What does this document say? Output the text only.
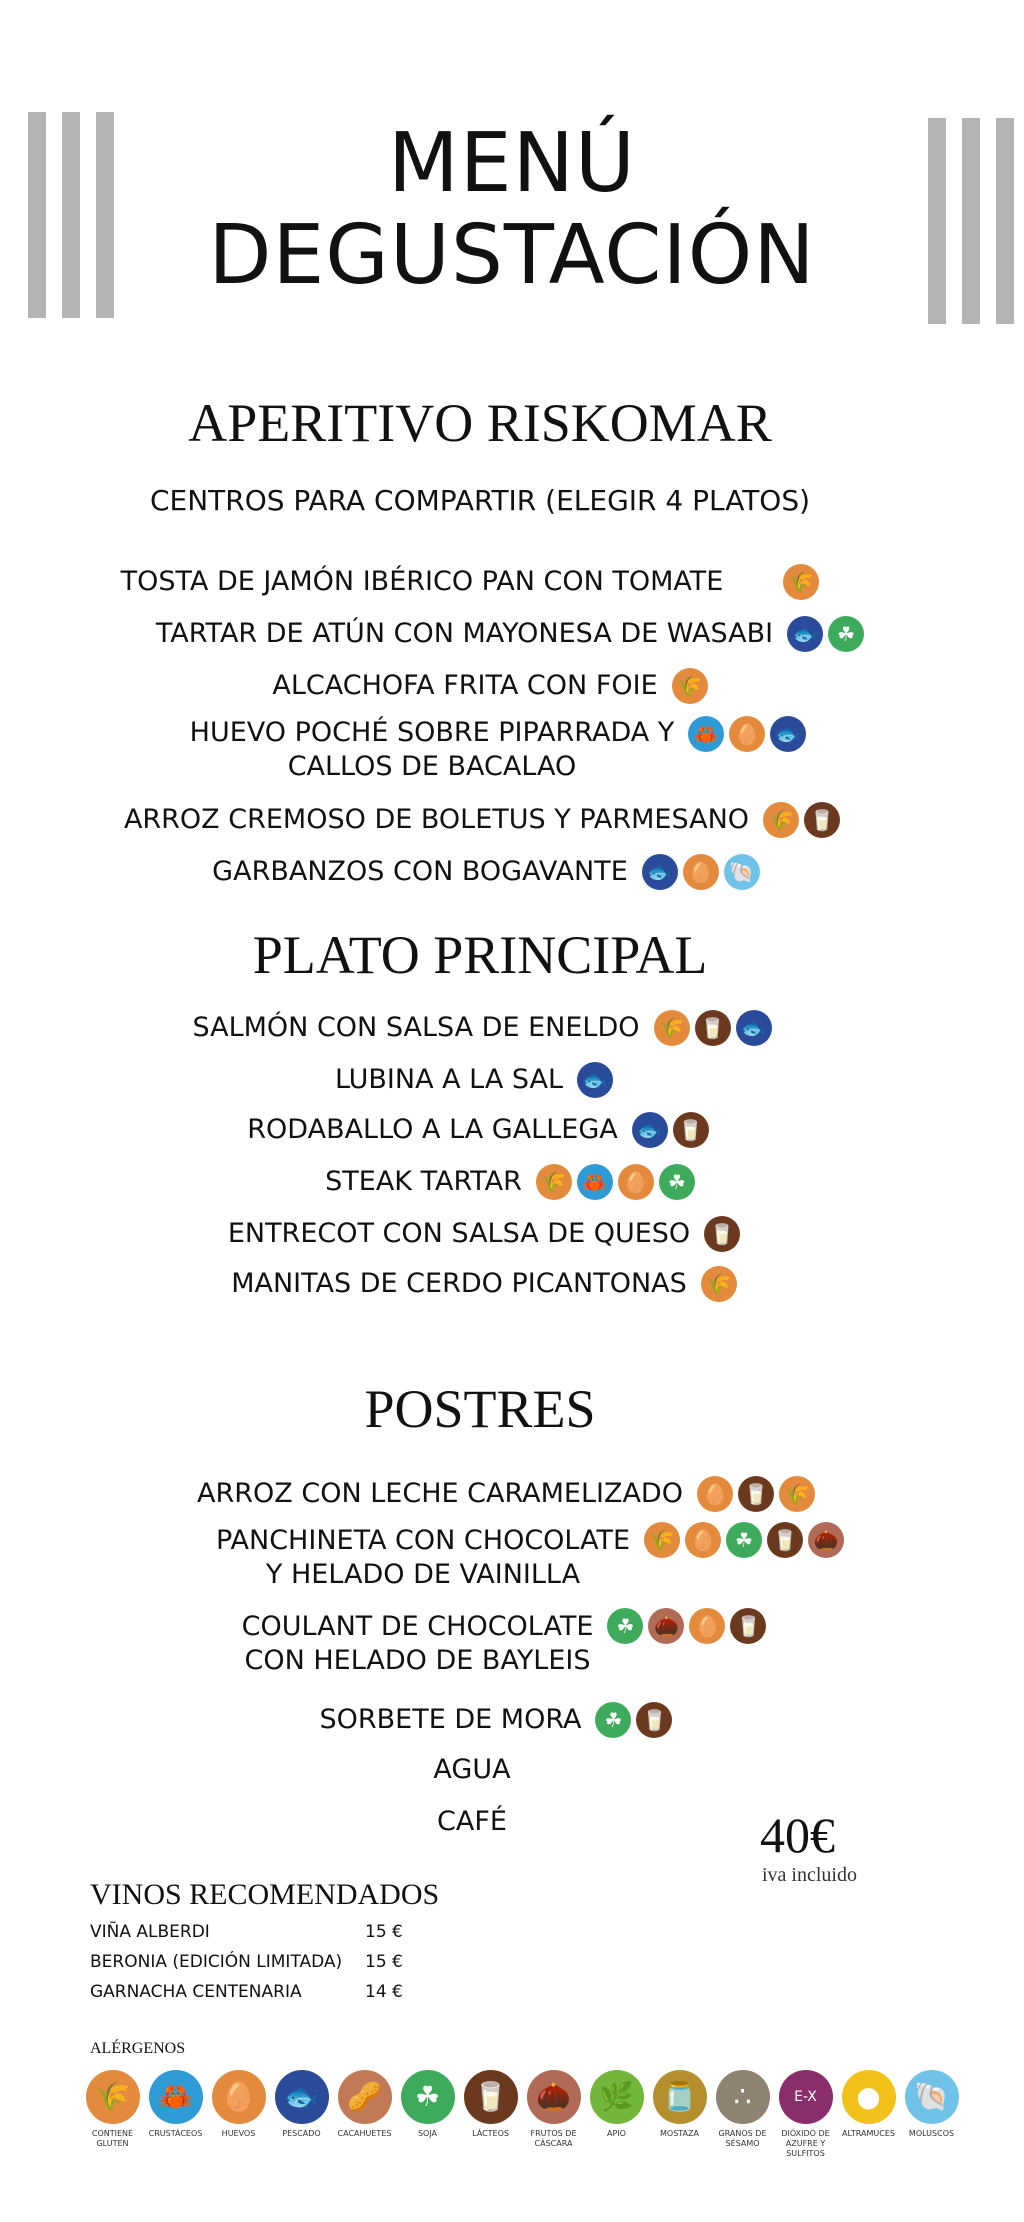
MENÚ
DEGUSTACIÓN
APERITIVO RISKOMAR
CENTROS PARA COMPARTIR (ELEGIR 4 PLATOS)
TOSTA DE JAMÓN IBÉRICO PAN CON TOMATE	🌾
TARTAR DE ATÚN CON MAYONESA DE WASABI 🐟 ☘
ALCACHOFA FRITA CON FOIE 🌾
HUEVO POCHÉ SOBRE PIPARRADA Y
CALLOS DE BACALAO
🦀 🥚 🐟
ARROZ CREMOSO DE BOLETUS Y PARMESANO 🌾 🥛
GARBANZOS CON BOGAVANTE 🐟 🥚 🐚
PLATO PRINCIPAL
SALMÓN CON SALSA DE ENELDO 🌾 🥛 🐟
LUBINA A LA SAL 🐟
RODABALLO A LA GALLEGA 🐟 🥛
STEAK TARTAR 🌾 🦀 🥚 ☘
ENTRECOT CON SALSA DE QUESO 🥛
MANITAS DE CERDO PICANTONAS 🌾
POSTRES
ARROZ CON LECHE CARAMELIZADO 🥚 🥛 🌾
PANCHINETA CON CHOCOLATE
Y HELADO DE VAINILLA
🌾 🥚 ☘ 🥛 🌰
COULANT DE CHOCOLATE
CON HELADO DE BAYLEIS
☘ 🌰 🥚 🥛
SORBETE DE MORA	☘ 🥛
AGUA
CAFÉ	40€
iva incluido
VINOS RECOMENDADOS
VIÑA ALBERDI	15 €
BERONIA (EDICIÓN LIMITADA)	15 €
GARNACHA CENTENARIA	14 €
ALÉRGENOS
🌾
CONTIENE GLUTEN
🦀
CRUSTÁCEOS
🥚
HUEVOS
🐟
PESCADO
🥜
CACAHUETES
☘
SOJA
🥛
LÁCTEOS
🌰
FRUTOS DE CÁSCARA
🌿
APIO
🫙
MOSTAZA
∴
GRANOS DE SÉSAMO
E-X
DIÓXIDO DE AZUFRE Y SULFITOS
●
ALTRAMUCES
🐚
MOLUSCOS
